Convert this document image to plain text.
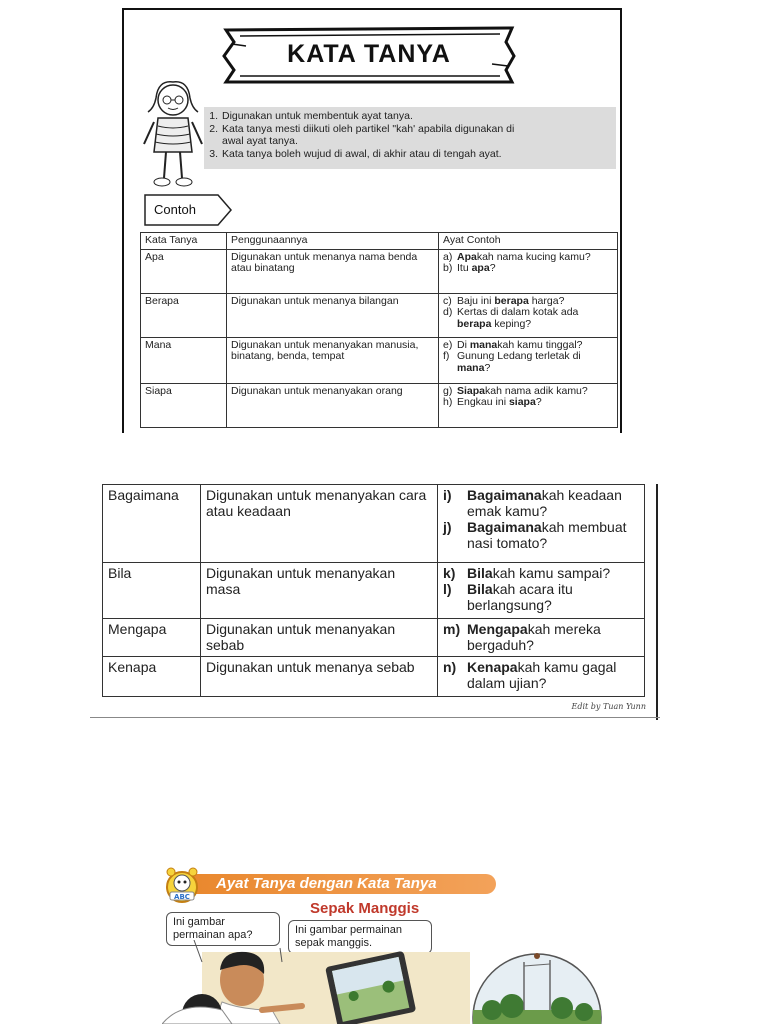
KATA TANYA
1. Digunakan untuk membentuk ayat tanya.
2. Kata tanya mesti diikuti oleh partikel "kah' apabila digunakan di
awal ayat tanya.
3. Kata tanya boleh wujud di awal, di akhir atau di tengah ayat.
Contoh
Kata Tanya	Penggunaannya	Ayat Contoh
Apa	Digunakan untuk menanya nama benda atau binatang	a) Apakah nama kucing kamu?
b) Itu apa?

Berapa	Digunakan untuk menanya bilangan	c) Baju ini berapa harga?
d) Kertas di dalam kotak ada berapa keping?

Mana	Digunakan untuk menanyakan manusia, binatang, benda, tempat	e) Di manakah kamu tinggal?
f) Gunung Ledang terletak di mana?

Siapa	Digunakan untuk menanyakan orang	g) Siapakah nama adik kamu?
h) Engkau ini siapa?
Bagaimana	Digunakan untuk menanyakan cara atau keadaan	i) Bagaimanakah keadaan emak kamu?
j) Bagaimanakah membuat nasi tomato?

Bila	Digunakan untuk menanyakan masa	k) Bilakah kamu sampai?
l) Bilakah acara itu berlangsung?

Mengapa	Digunakan untuk menanyakan sebab	m) Mengapakah mereka bergaduh?

Kenapa	Digunakan untuk menanya sebab	n) Kenapakah kamu gagal dalam ujian?
Edit by Tuan Yunn
Ayat Tanya dengan Kata Tanya
ABC
Sepak Manggis
Ini gambar permainan apa?	Ini gambar permainan sepak manggis.
